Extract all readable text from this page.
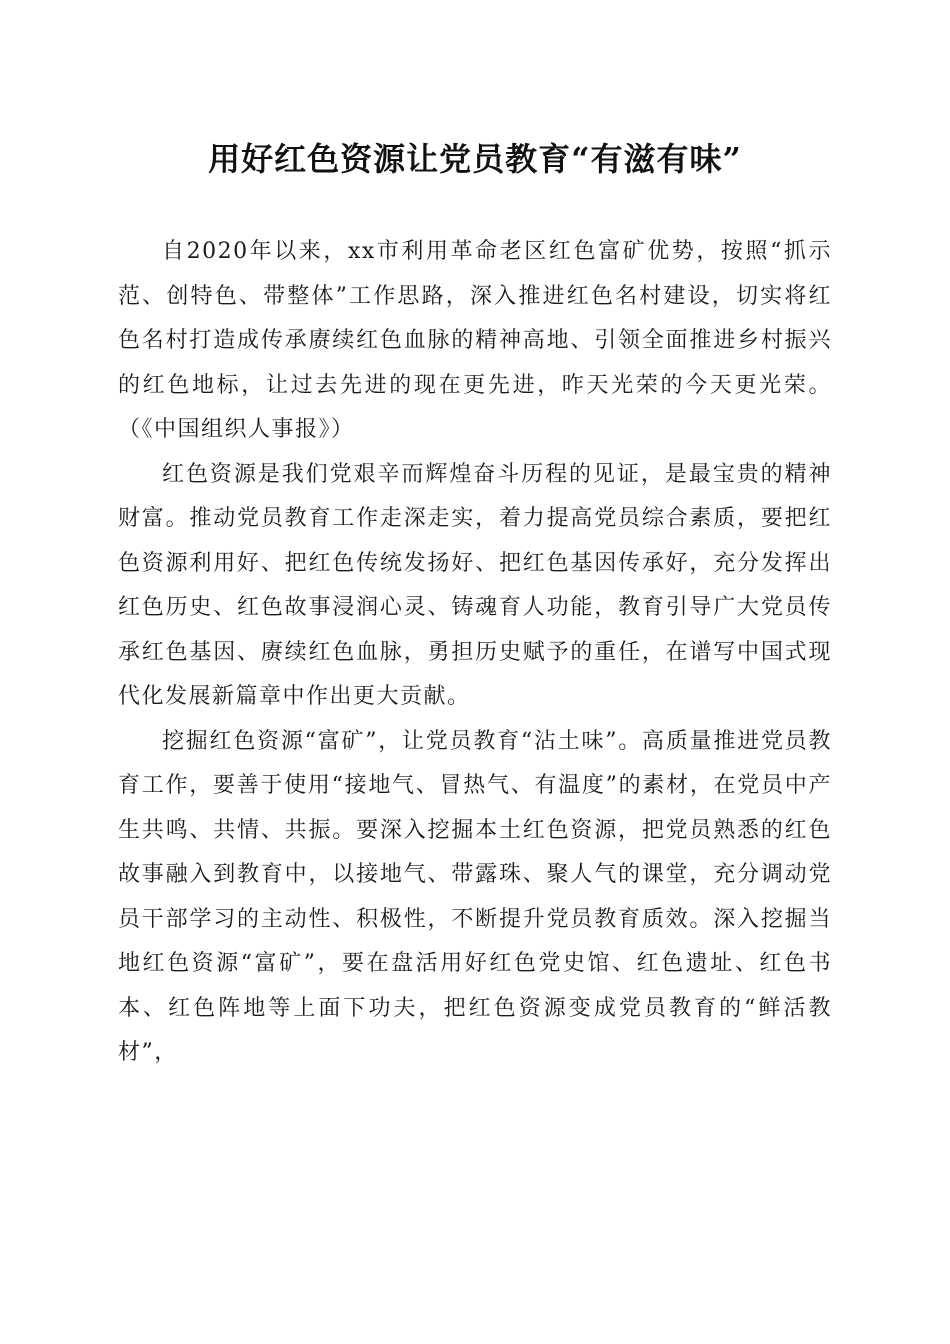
用好红色资源让党员教育“有滋有味”

自2020年以来，xx市利用革命老区红色富矿优势，按照“抓示范、创特色、带整体”工作思路，深入推进红色名村建设，切实将红色名村打造成传承赓续红色血脉的精神高地、引领全面推进乡村振兴的红色地标，让过去先进的现在更先进，昨天光荣的今天更光荣。（《中国组织人事报》）

红色资源是我们党艰辛而辉煌奋斗历程的见证，是最宝贵的精神财富。推动党员教育工作走深走实，着力提高党员综合素质，要把红色资源利用好、把红色传统发扬好、把红色基因传承好，充分发挥出红色历史、红色故事浸润心灵、铸魂育人功能，教育引导广大党员传承红色基因、赓续红色血脉，勇担历史赋予的重任，在谱写中国式现代化发展新篇章中作出更大贡献。

挖掘红色资源“富矿”，让党员教育“沾土味”。高质量推进党员教育工作，要善于使用“接地气、冒热气、有温度”的素材，在党员中产生共鸣、共情、共振。要深入挖掘本土红色资源，把党员熟悉的红色故事融入到教育中，以接地气、带露珠、聚人气的课堂，充分调动党员干部学习的主动性、积极性，不断提升党员教育质效。深入挖掘当地红色资源“富矿”，要在盘活用好红色党史馆、红色遗址、红色书本、红色阵地等上面下功夫，把红色资源变成党员教育的“鲜活教材”，
